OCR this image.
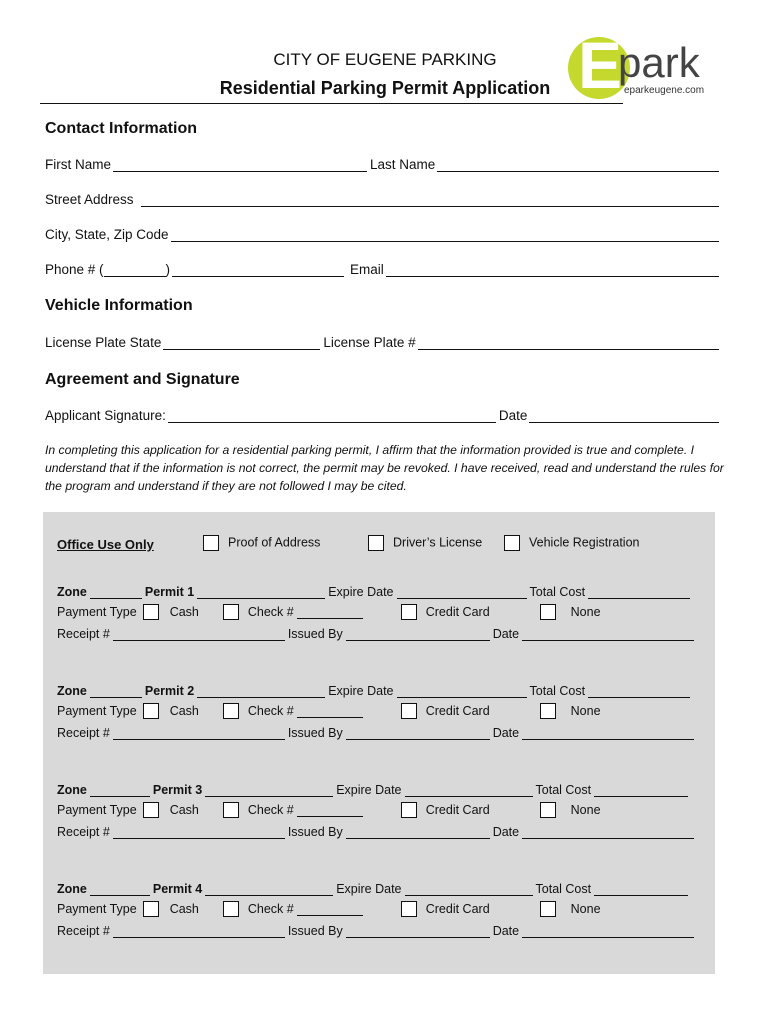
CITY OF EUGENE PARKING
Residential Parking Permit Application E
park
eparkeugene.com
Contact Information
First Name	Last Name
Street Address
City, State, Zip Code
Phone # (	)	Email
Vehicle Information
License Plate State	License Plate #
Agreement and Signature
Applicant Signature:	Date
In completing this application for a residential parking permit, I affirm that the information provided is true and complete. I understand that if the information is not correct, the permit may be revoked. I have received, read and understand the rules for the program and understand if they are not followed I may be cited.
Office Use Only	Proof of Address	Driver’s License	Vehicle Registration
Zone	Permit 1	Expire Date	Total Cost
Payment Type	Cash	Check #	Credit Card	None
Receipt #	Issued By	Date
Zone	Permit 2	Expire Date	Total Cost
Payment Type	Cash	Check #	Credit Card	None
Receipt #	Issued By	Date
Zone	Permit 3	Expire Date	Total Cost
Payment Type	Cash	Check #	Credit Card	None
Receipt #	Issued By	Date
Zone	Permit 4	Expire Date	Total Cost
Payment Type	Cash	Check #	Credit Card	None
Receipt #	Issued By	Date
